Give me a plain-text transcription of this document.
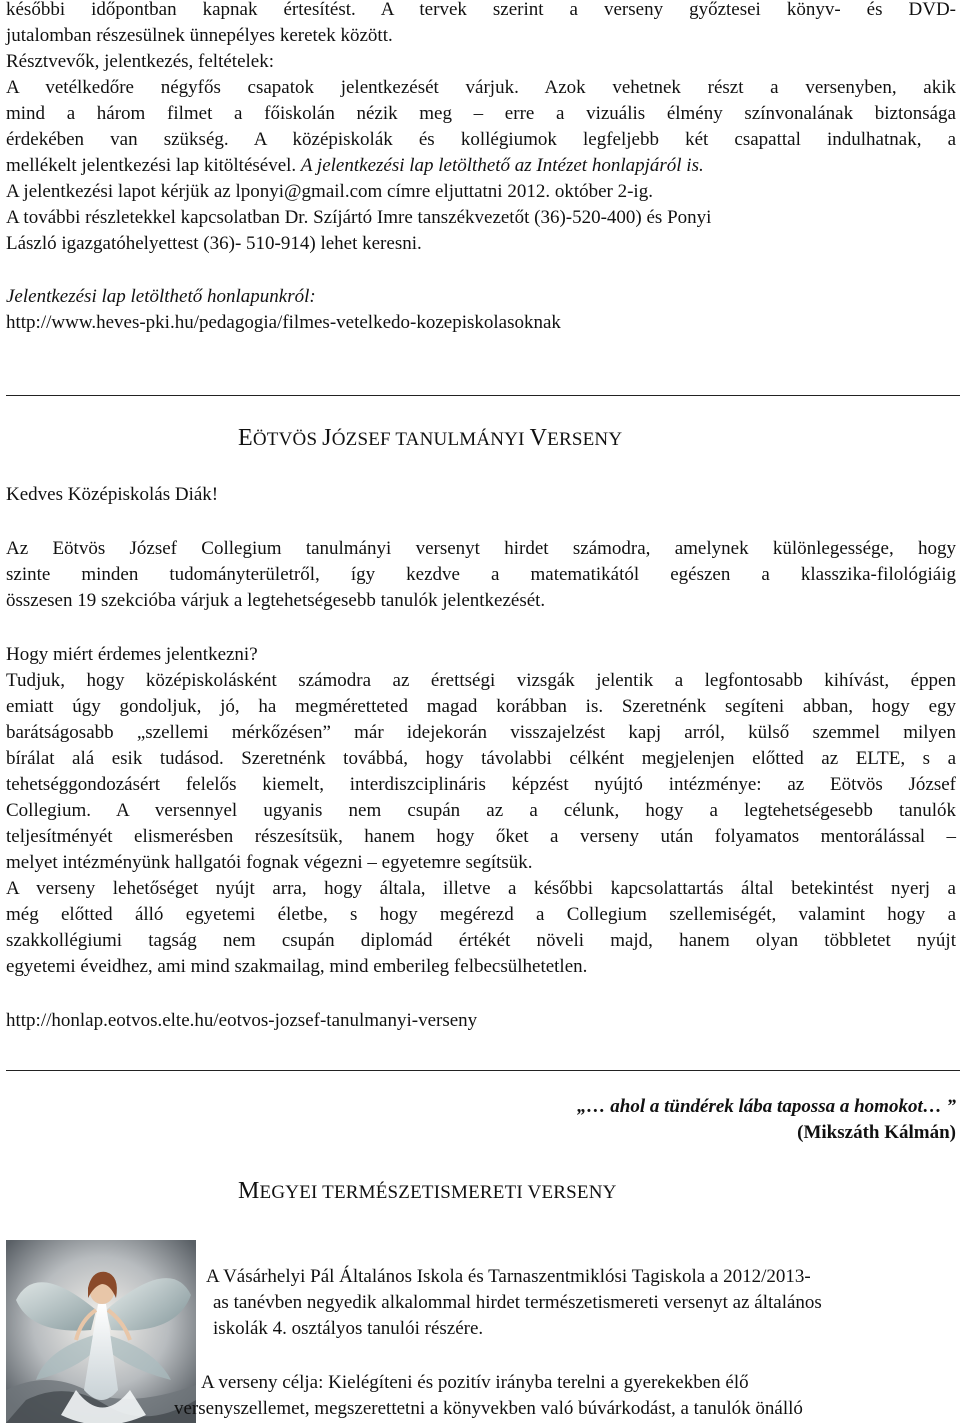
későbbi időpontban kapnak értesítést. A tervek szerint a verseny győztesei könyv- és DVD-
jutalomban részesülnek ünnepélyes keretek között.
Résztvevők, jelentkezés, feltételek:
A vetélkedőre négyfős csapatok jelentkezését várjuk. Azok vehetnek részt a versenyben, akik
mind a három filmet a főiskolán nézik meg – erre a vizuális élmény színvonalának biztonsága
érdekében van szükség. A középiskolák és kollégiumok legfeljebb két csapattal indulhatnak, a
mellékelt jelentkezési lap kitöltésével. A jelentkezési lap letölthető az Intézet honlapjáról is.
A jelentkezési lapot kérjük az lponyi@gmail.com címre eljuttatni 2012. október 2-ig.
A további részletekkel kapcsolatban Dr. Szíjártó Imre tanszékvezetőt (36)-520-400) és Ponyi
László igazgatóhelyettest (36)- 510-914) lehet keresni.
Jelentkezési lap letölthető honlapunkról:
http://www.heves-pki.hu/pedagogia/filmes-vetelkedo-kozepiskolasoknak
EÖTVÖS JÓZSEF TANULMÁNYI VERSENY
Kedves Középiskolás Diák!
Az Eötvös József Collegium tanulmányi versenyt hirdet számodra, amelynek különlegessége, hogy
szinte minden tudományterületről, így kezdve a matematikától egészen a klasszika-filológiáig
összesen 19 szekcióba várjuk a legtehetségesebb tanulók jelentkezését.
Hogy miért érdemes jelentkezni?
Tudjuk, hogy középiskolásként számodra az érettségi vizsgák jelentik a legfontosabb kihívást, éppen
emiatt úgy gondoljuk, jó, ha megméretteted magad korábban is. Szeretnénk segíteni abban, hogy egy
barátságosabb „szellemi mérkőzésen” már idejekorán visszajelzést kapj arról, külső szemmel milyen
bírálat alá esik tudásod. Szeretnénk továbbá, hogy távolabbi célként megjelenjen előtted az ELTE, s a
tehetséggondozásért felelős kiemelt, interdiszciplináris képzést nyújtó intézménye: az Eötvös József
Collegium. A versennyel ugyanis nem csupán az a célunk, hogy a legtehetségesebb tanulók
teljesítményét elismerésben részesítsük, hanem hogy őket a verseny után folyamatos mentorálással –
melyet intézményünk hallgatói fognak végezni – egyetemre segítsük.
A verseny lehetőséget nyújt arra, hogy általa, illetve a későbbi kapcsolattartás által betekintést nyerj a
még előtted álló egyetemi életbe, s hogy megérezd a Collegium szellemiségét, valamint hogy a
szakkollégiumi tagság nem csupán diplomád értékét növeli majd, hanem olyan többletet nyújt
egyetemi éveidhez, ami mind szakmailag, mind emberileg felbecsülhetetlen.
http://honlap.eotvos.elte.hu/eotvos-jozsef-tanulmanyi-verseny
„… ahol a tündérek lába tapossa a homokot… ”
(Mikszáth Kálmán)
MEGYEI TERMÉSZETISMERETI VERSENY
A Vásárhelyi Pál Általános Iskola és Tarnaszentmiklósi Tagiskola a 2012/2013-
as tanévben negyedik alkalommal hirdet természetismereti versenyt az általános
iskolák 4. osztályos tanulói részére.
A verseny célja: Kielégíteni és pozitív irányba terelni a gyerekekben élő
versenyszellemet, megszerettetni a könyvekben való búvárkodást, a tanulók önálló
